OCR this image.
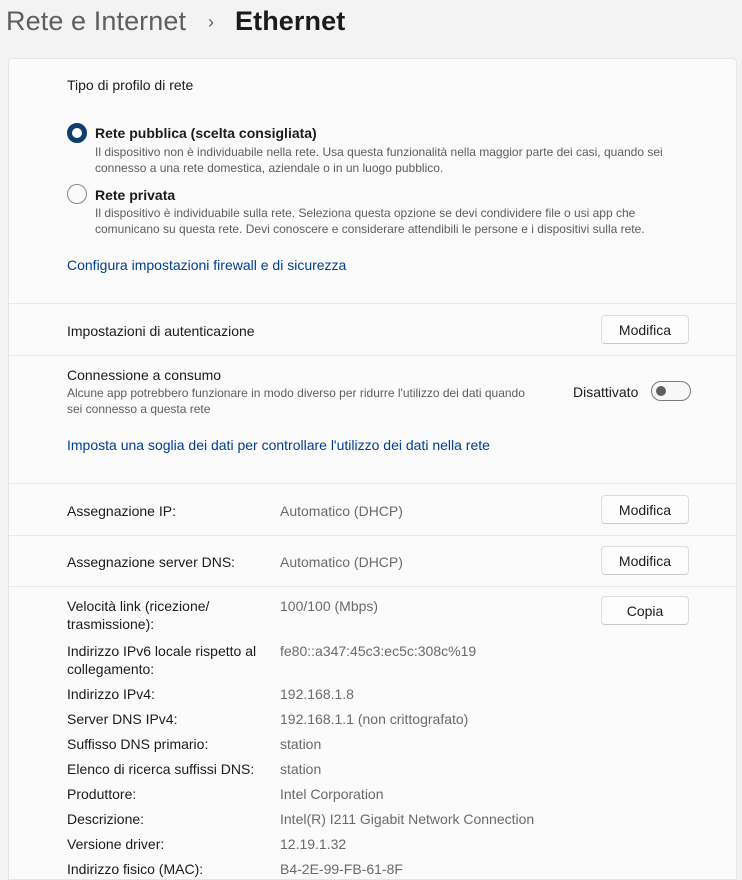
Rete e Internet › Ethernet
Tipo di profilo di rete
Rete pubblica (scelta consigliata)
Il dispositivo non è individuabile nella rete. Usa questa funzionalità nella maggior parte dei casi, quando sei
connesso a una rete domestica, aziendale o in un luogo pubblico.
Rete privata
Il dispositivo è individuabile sulla rete. Seleziona questa opzione se devi condividere file o usi app che
comunicano su questa rete. Devi conoscere e considerare attendibili le persone e i dispositivi sulla rete.
Configura impostazioni firewall e di sicurezza
Impostazioni di autenticazione	Modifica
Connessione a consumo
Alcune app potrebbero funzionare in modo diverso per ridurre l'utilizzo dei dati quando
sei connesso a questa rete
Disattivato
Imposta una soglia dei dati per controllare l'utilizzo dei dati nella rete
Assegnazione IP:	Automatico (DHCP)	Modifica
Assegnazione server DNS:	Automatico (DHCP)	Modifica
Velocità link (ricezione/
trasmissione):
100/100 (Mbps)	Copia
Indirizzo IPv6 locale rispetto al
collegamento:
fe80::a347:45c3:ec5c:308c%19
Indirizzo IPv4:	192.168.1.8
Server DNS IPv4:	192.168.1.1 (non crittografato)
Suffisso DNS primario:	station
Elenco di ricerca suffissi DNS: station
Produttore:	Intel Corporation
Descrizione:	Intel(R) I211 Gigabit Network Connection
Versione driver:	12.19.1.32
Indirizzo fisico (MAC):	B4-2E-99-FB-61-8F
